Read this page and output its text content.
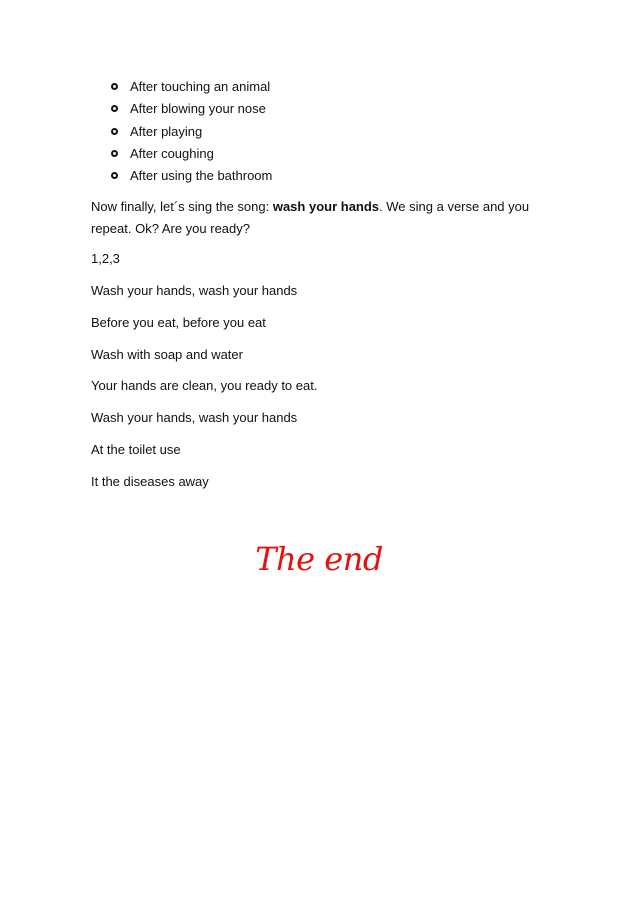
After touching an animal
After blowing your nose
After playing
After coughing
After using the bathroom

Now finally, let´s sing the song: wash your hands. We sing a verse and you
repeat. Ok? Are you ready?

1,2,3

Wash your hands, wash your hands

Before you eat, before you eat

Wash with soap and water

Your hands are clean, you ready to eat.

Wash your hands, wash your hands

At the toilet use

It the diseases away

The end
